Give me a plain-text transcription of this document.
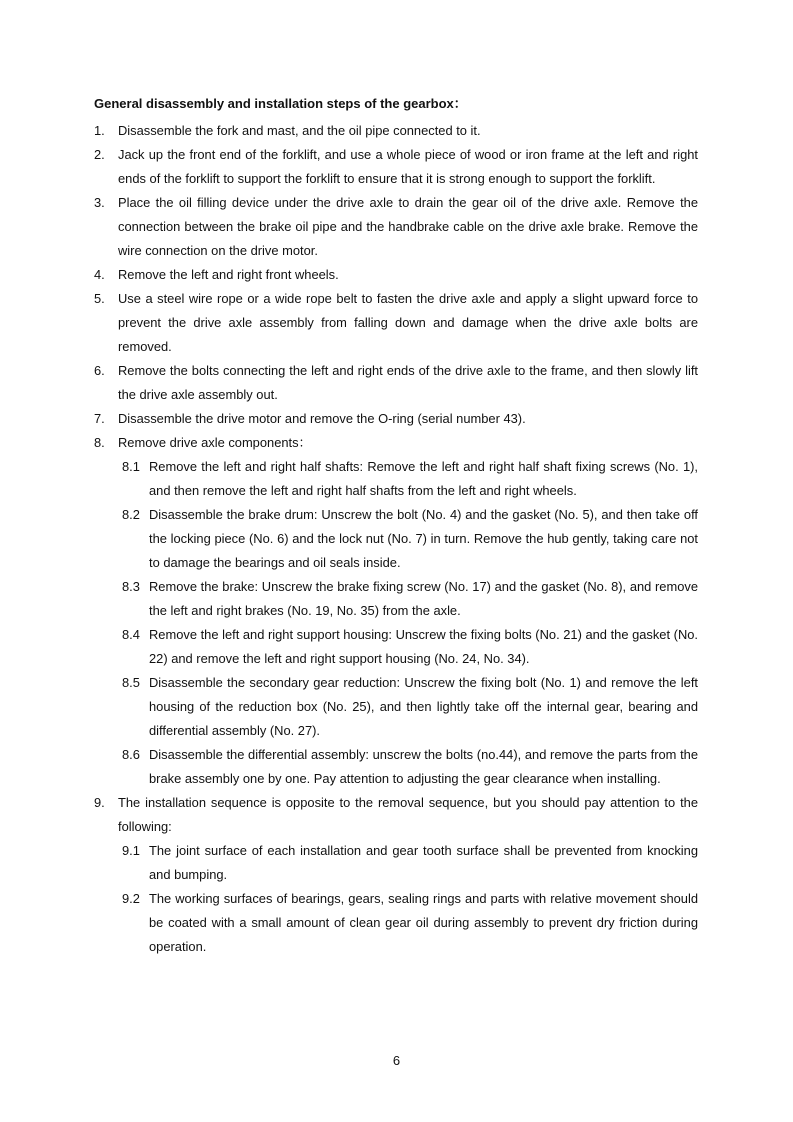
General disassembly and installation steps of the gearbox：
1. Disassemble the fork and mast, and the oil pipe connected to it.
2. Jack up the front end of the forklift, and use a whole piece of wood or iron frame at the left and right ends of the forklift to support the forklift to ensure that it is strong enough to support the forklift.
3. Place the oil filling device under the drive axle to drain the gear oil of the drive axle. Remove the connection between the brake oil pipe and the handbrake cable on the drive axle brake. Remove the wire connection on the drive motor.
4. Remove the left and right front wheels.
5. Use a steel wire rope or a wide rope belt to fasten the drive axle and apply a slight upward force to prevent the drive axle assembly from falling down and damage when the drive axle bolts are removed.
6. Remove the bolts connecting the left and right ends of the drive axle to the frame, and then slowly lift the drive axle assembly out.
7. Disassemble the drive motor and remove the O-ring (serial number 43).
8. Remove drive axle components：
8.1 Remove the left and right half shafts: Remove the left and right half shaft fixing screws (No. 1), and then remove the left and right half shafts from the left and right wheels.
8.2 Disassemble the brake drum: Unscrew the bolt (No. 4) and the gasket (No. 5), and then take off the locking piece (No. 6) and the lock nut (No. 7) in turn. Remove the hub gently, taking care not to damage the bearings and oil seals inside.
8.3 Remove the brake: Unscrew the brake fixing screw (No. 17) and the gasket (No. 8), and remove the left and right brakes (No. 19, No. 35) from the axle.
8.4 Remove the left and right support housing: Unscrew the fixing bolts (No. 21) and the gasket (No. 22) and remove the left and right support housing (No. 24, No. 34).
8.5 Disassemble the secondary gear reduction: Unscrew the fixing bolt (No. 1) and remove the left housing of the reduction box (No. 25), and then lightly take off the internal gear, bearing and differential assembly (No. 27).
8.6 Disassemble the differential assembly: unscrew the bolts (no.44), and remove the parts from the brake assembly one by one. Pay attention to adjusting the gear clearance when installing.
9. The installation sequence is opposite to the removal sequence, but you should pay attention to the following:
9.1 The joint surface of each installation and gear tooth surface shall be prevented from knocking and bumping.
9.2 The working surfaces of bearings, gears, sealing rings and parts with relative movement should be coated with a small amount of clean gear oil during assembly to prevent dry friction during operation.
6
